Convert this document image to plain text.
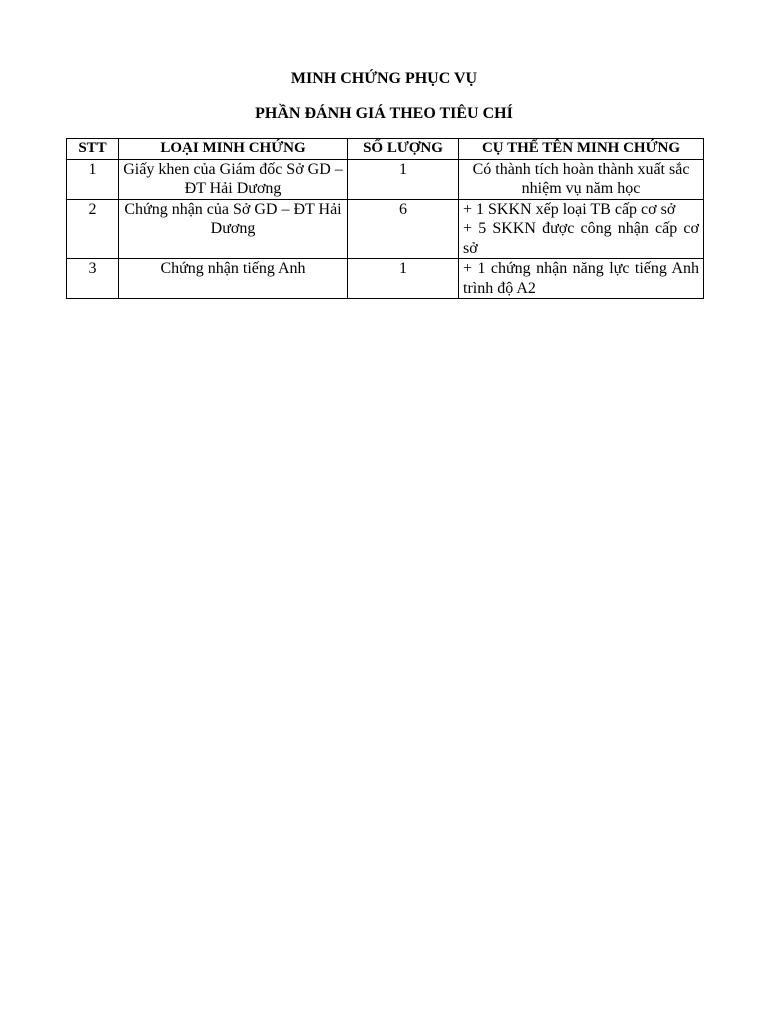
MINH CHỨNG PHỤC VỤ
PHẦN ĐÁNH GIÁ THEO TIÊU CHÍ
STT	LOẠI MINH CHỨNG	SỐ LƯỢNG	CỤ THỂ TÊN MINH CHỨNG
1	Giấy khen của Giám đốc Sở GD – ĐT Hải Dương	1	Có thành tích hoàn thành xuất sắc nhiệm vụ năm học

2	Chứng nhận của Sở GD – ĐT Hải Dương	6	+ 1 SKKN xếp loại TB cấp cơ sở
+ 5 SKKN được công nhận cấp cơ sở

3	Chứng nhận tiếng Anh	1	+ 1 chứng nhận năng lực tiếng Anh trình độ A2
